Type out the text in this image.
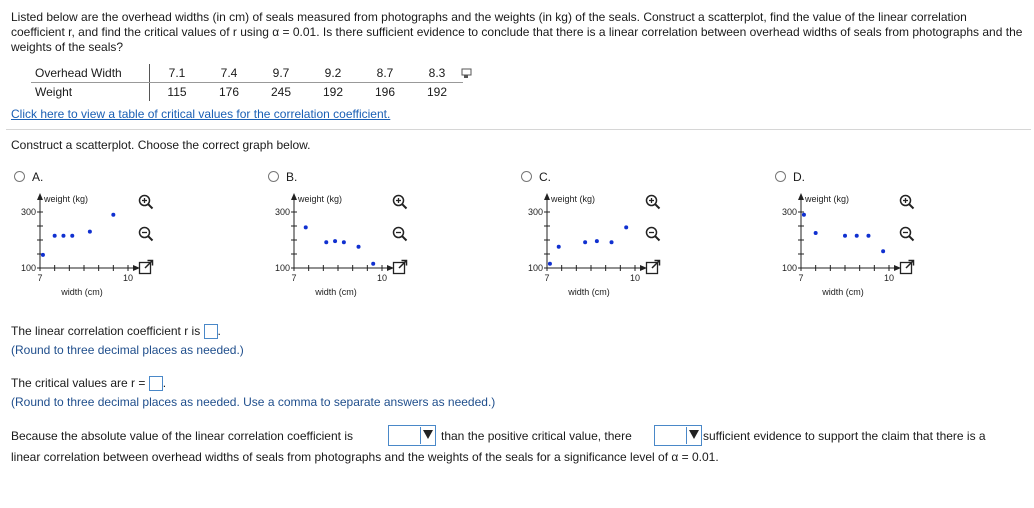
Listed below are the overhead widths (in cm) of seals measured from photographs and the weights (in kg) of the seals. Construct a scatterplot, find the value of the linear correlation coefficient r, and find the critical values of r using α = 0.01. Is there sufficient evidence to conclude that there is a linear correlation between overhead widths of seals from photographs and the weights of the seals?
Overhead Width		7.1	7.4	9.7	9.2	8.7	8.3
Weight		115	176	245	192	196	192
Click here to view a table of critical values for the correlation coefficient.
Construct a scatterplot. Choose the correct graph below.
A.
300
100
7	10
weight (kg)
width (cm)
B.
300
100
7	10
weight (kg)
width (cm)
C.
300
100
7	10
weight (kg)
width (cm)
D.
300
100
7	10
weight (kg)
width (cm)
The linear correlation coefficient r is .
(Round to three decimal places as needed.)
The critical values are r = .
(Round to three decimal places as needed. Use a comma to separate answers as needed.)
Because the absolute value of the linear correlation coefficient is	than the positive critical value, there	sufficient evidence to support the claim that there is a
linear correlation between overhead widths of seals from photographs and the weights of the seals for a significance level of α = 0.01.
